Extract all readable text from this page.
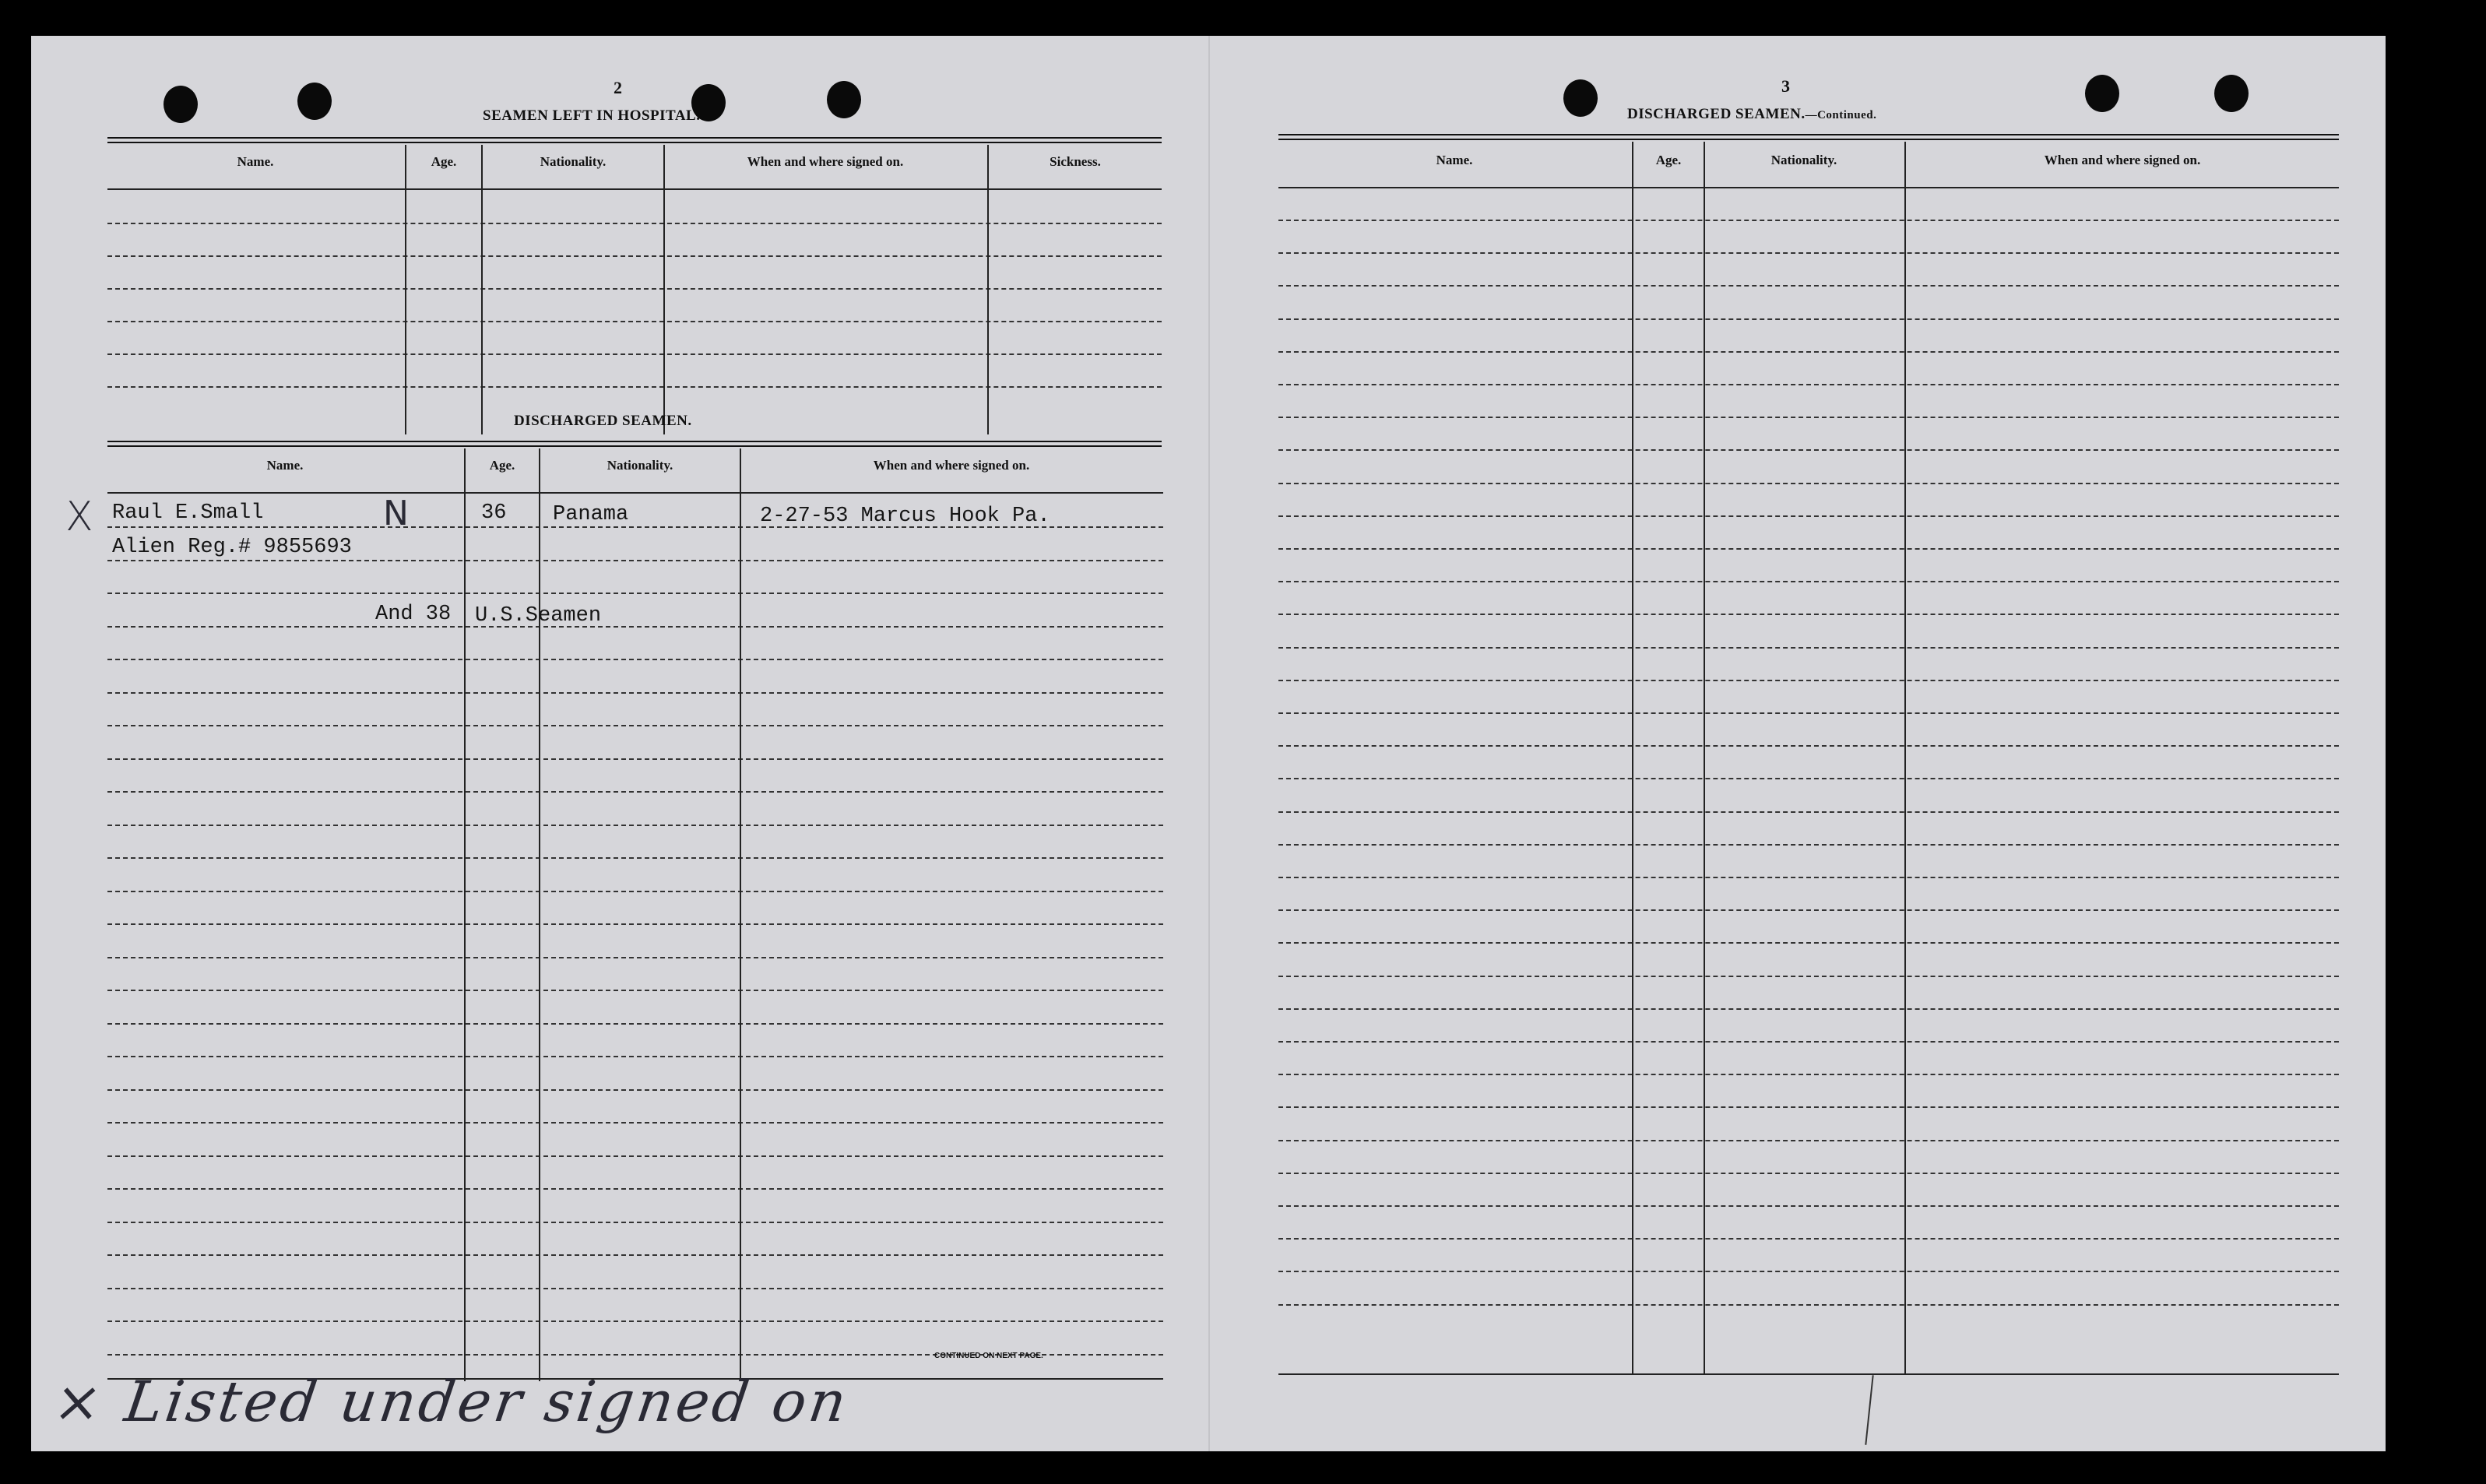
2
SEAMEN LEFT IN HOSPITAL.
Name.	Age.	Nationality.	When and where signed on.	Sickness.
DISCHARGED SEAMEN.
Name.	Age.	Nationality.	When and where signed on.
Raul E.Small	N	36 Panama	2-27-53 Marcus Hook Pa.
Alien Reg.# 9855693
And 38 U.S.Seamen
CONTINUED ON NEXT PAGE.
X
× Listed under signed on
3
DISCHARGED SEAMEN.—Continued.
Name.	Age.	Nationality.	When and where signed on.
